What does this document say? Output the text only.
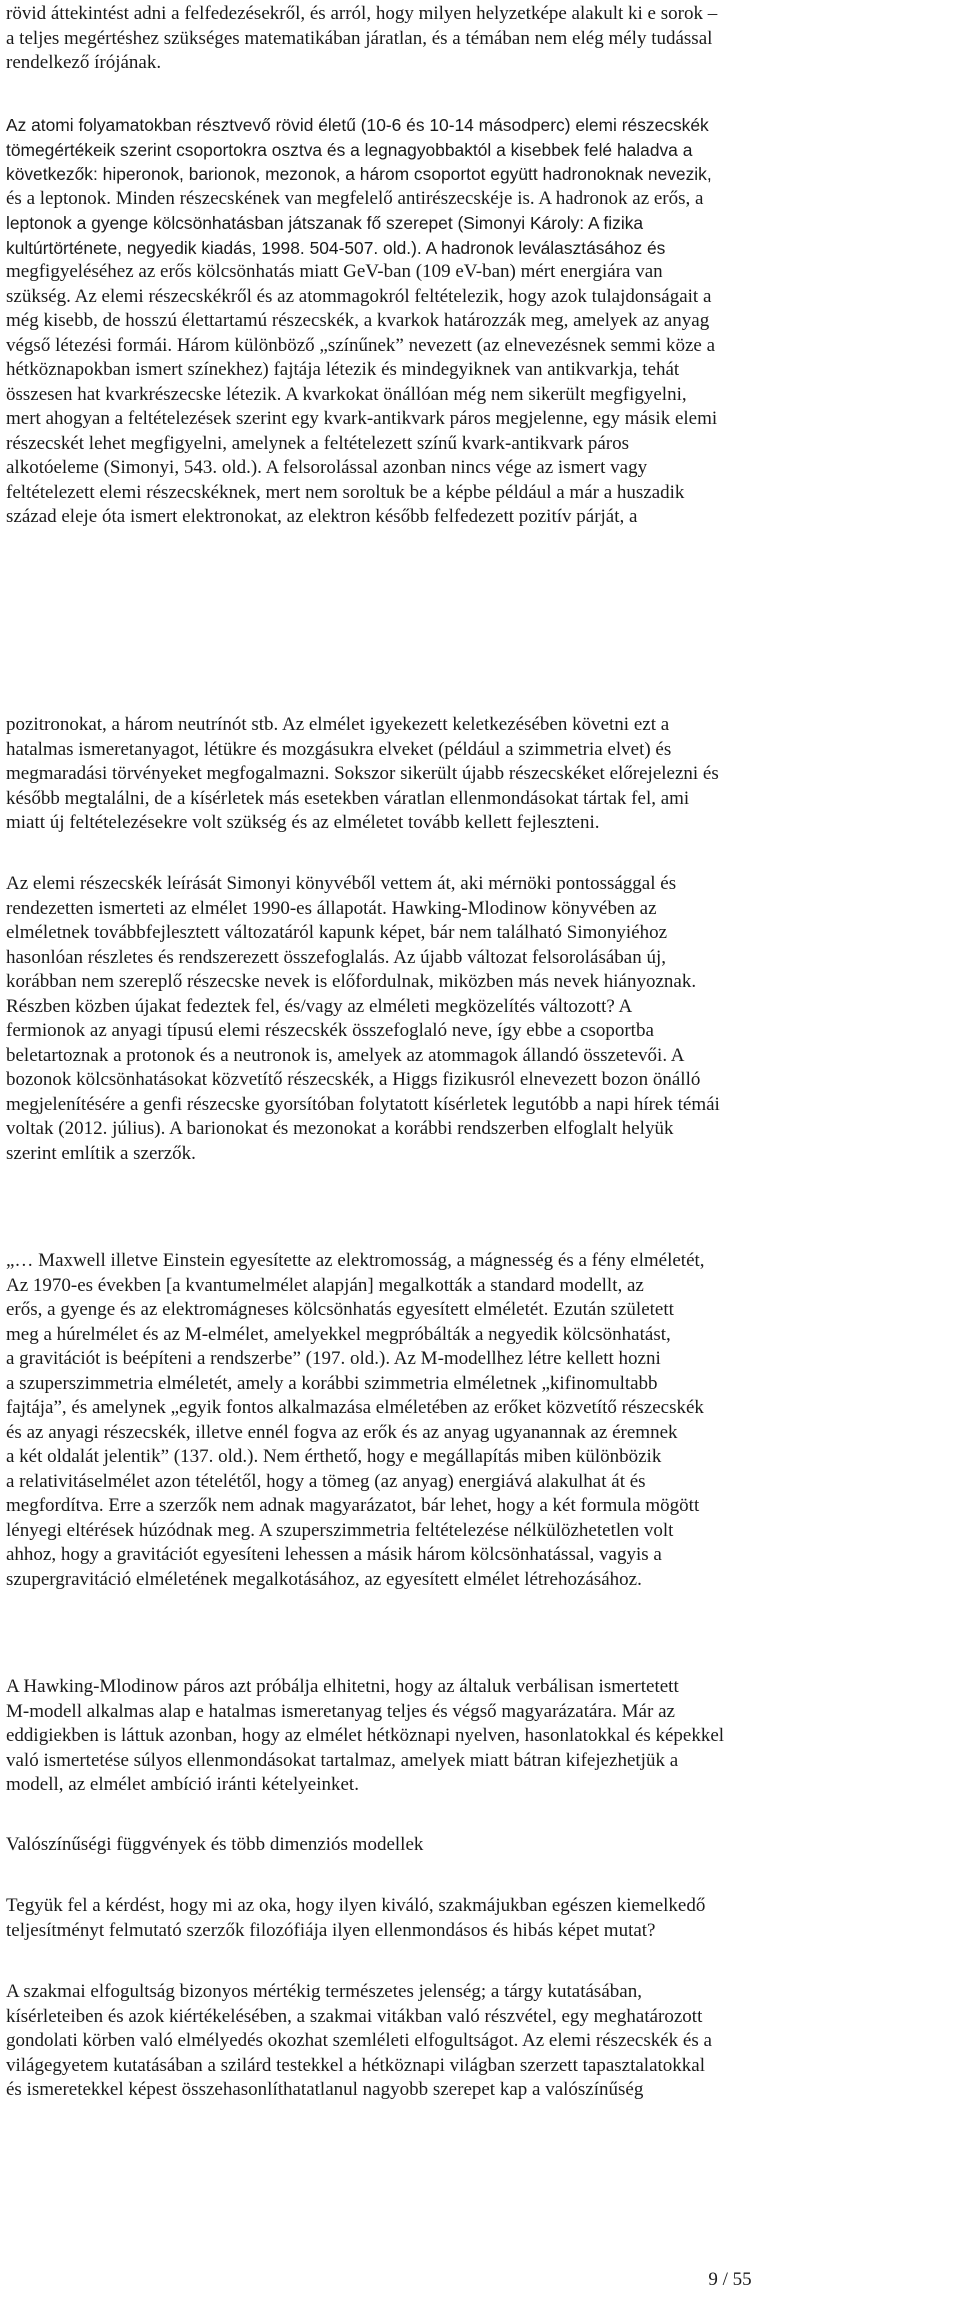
rövid áttekintést adni a felfedezésekről, és arról, hogy milyen helyzetképe alakult ki e sorok –
a teljes megértéshez szükséges matematikában járatlan, és a témában nem elég mély tudással
rendelkező írójának.
Az atomi folyamatokban résztvevő rövid életű (10-6 és 10-14 másodperc) elemi részecskék
tömegértékeik szerint csoportokra osztva és a legnagyobbaktól a kisebbek felé haladva a
következők: hiperonok, barionok, mezonok, a három csoportot együtt hadronoknak nevezik,
és a leptonok. Minden részecskének van megfelelő antirészecskéje is. A hadronok az erős, a
leptonok a gyenge kölcsönhatásban játszanak fő szerepet (Simonyi Károly: A fizika
kultúrtörténete, negyedik kiadás, 1998. 504-507. old.). A hadronok leválasztásához és
megfigyeléséhez az erős kölcsönhatás miatt GeV-ban (109 eV-ban) mért energiára van
szükség. Az elemi részecskékről és az atommagokról feltételezik, hogy azok tulajdonságait a
még kisebb, de hosszú élettartamú részecskék, a kvarkok határozzák meg, amelyek az anyag
végső létezési formái. Három különböző „színűnek” nevezett (az elnevezésnek semmi köze a
hétköznapokban ismert színekhez) fajtája létezik és mindegyiknek van antikvarkja, tehát
összesen hat kvarkrészecske létezik. A kvarkokat önállóan még nem sikerült megfigyelni,
mert ahogyan a feltételezések szerint egy kvark-antikvark páros megjelenne, egy másik elemi
részecskét lehet megfigyelni, amelynek a feltételezett színű kvark-antikvark páros
alkotóeleme (Simonyi, 543. old.). A felsorolással azonban nincs vége az ismert vagy
feltételezett elemi részecskéknek, mert nem soroltuk be a képbe például a már a huszadik
század eleje óta ismert elektronokat, az elektron később felfedezett pozitív párját, a
pozitronokat, a három neutrínót stb. Az elmélet igyekezett keletkezésében követni ezt a
hatalmas ismeretanyagot, létükre és mozgásukra elveket (például a szimmetria elvet) és
megmaradási törvényeket megfogalmazni. Sokszor sikerült újabb részecskéket előrejelezni és
később megtalálni, de a kísérletek más esetekben váratlan ellenmondásokat tártak fel, ami
miatt új feltételezésekre volt szükség és az elméletet tovább kellett fejleszteni.
Az elemi részecskék leírását Simonyi könyvéből vettem át, aki mérnöki pontossággal és
rendezetten ismerteti az elmélet 1990-es állapotát. Hawking-Mlodinow könyvében az
elméletnek továbbfejlesztett változatáról kapunk képet, bár nem található Simonyiéhoz
hasonlóan részletes és rendszerezett összefoglalás. Az újabb változat felsorolásában új,
korábban nem szereplő részecske nevek is előfordulnak, miközben más nevek hiányoznak.
Részben közben újakat fedeztek fel, és/vagy az elméleti megközelítés változott? A
fermionok az anyagi típusú elemi részecskék összefoglaló neve, így ebbe a csoportba
beletartoznak a protonok és a neutronok is, amelyek az atommagok állandó összetevői. A
bozonok kölcsönhatásokat közvetítő részecskék, a Higgs fizikusról elnevezett bozon önálló
megjelenítésére a genfi részecske gyorsítóban folytatott kísérletek legutóbb a napi hírek témái
voltak (2012. július). A barionokat és mezonokat a korábbi rendszerben elfoglalt helyük
szerint említik a szerzők.
„… Maxwell illetve Einstein egyesítette az elektromosság, a mágnesség és a fény elméletét,
Az 1970-es években [a kvantumelmélet alapján] megalkották a standard modellt, az
erős, a gyenge és az elektromágneses kölcsönhatás egyesített elméletét. Ezután született
meg a húrelmélet és az M-elmélet, amelyekkel megpróbálták a negyedik kölcsönhatást,
a gravitációt is beépíteni a rendszerbe” (197. old.). Az M-modellhez létre kellett hozni
a szuperszimmetria elméletét, amely a korábbi szimmetria elméletnek „kifinomultabb
fajtája”, és amelynek „egyik fontos alkalmazása elméletében az erőket közvetítő részecskék
és az anyagi részecskék, illetve ennél fogva az erők és az anyag ugyanannak az éremnek
a két oldalát jelentik” (137. old.). Nem érthető, hogy e megállapítás miben különbözik
a relativitáselmélet azon tételétől, hogy a tömeg (az anyag) energiává alakulhat át és
megfordítva. Erre a szerzők nem adnak magyarázatot, bár lehet, hogy a két formula mögött
lényegi eltérések húzódnak meg. A szuperszimmetria feltételezése nélkülözhetetlen volt
ahhoz, hogy a gravitációt egyesíteni lehessen a másik három kölcsönhatással, vagyis a
szupergravitáció elméletének megalkotásához, az egyesített elmélet létrehozásához.
A Hawking-Mlodinow páros azt próbálja elhitetni, hogy az általuk verbálisan ismertetett
M-modell alkalmas alap e hatalmas ismeretanyag teljes és végső magyarázatára. Már az
eddigiekben is láttuk azonban, hogy az elmélet hétköznapi nyelven, hasonlatokkal és képekkel
való ismertetése súlyos ellenmondásokat tartalmaz, amelyek miatt bátran kifejezhetjük a
modell, az elmélet ambíció iránti kételyeinket.
Valószínűségi függvények és több dimenziós modellek
Tegyük fel a kérdést, hogy mi az oka, hogy ilyen kiváló, szakmájukban egészen kiemelkedő
teljesítményt felmutató szerzők filozófiája ilyen ellenmondásos és hibás képet mutat?
A szakmai elfogultság bizonyos mértékig természetes jelenség; a tárgy kutatásában,
kísérleteiben és azok kiértékelésében, a szakmai vitákban való részvétel, egy meghatározott
gondolati körben való elmélyedés okozhat szemléleti elfogultságot. Az elemi részecskék és a
világegyetem kutatásában a szilárd testekkel a hétköznapi világban szerzett tapasztalatokkal
és ismeretekkel képest összehasonlíthatatlanul nagyobb szerepet kap a valószínűség

9 / 55
